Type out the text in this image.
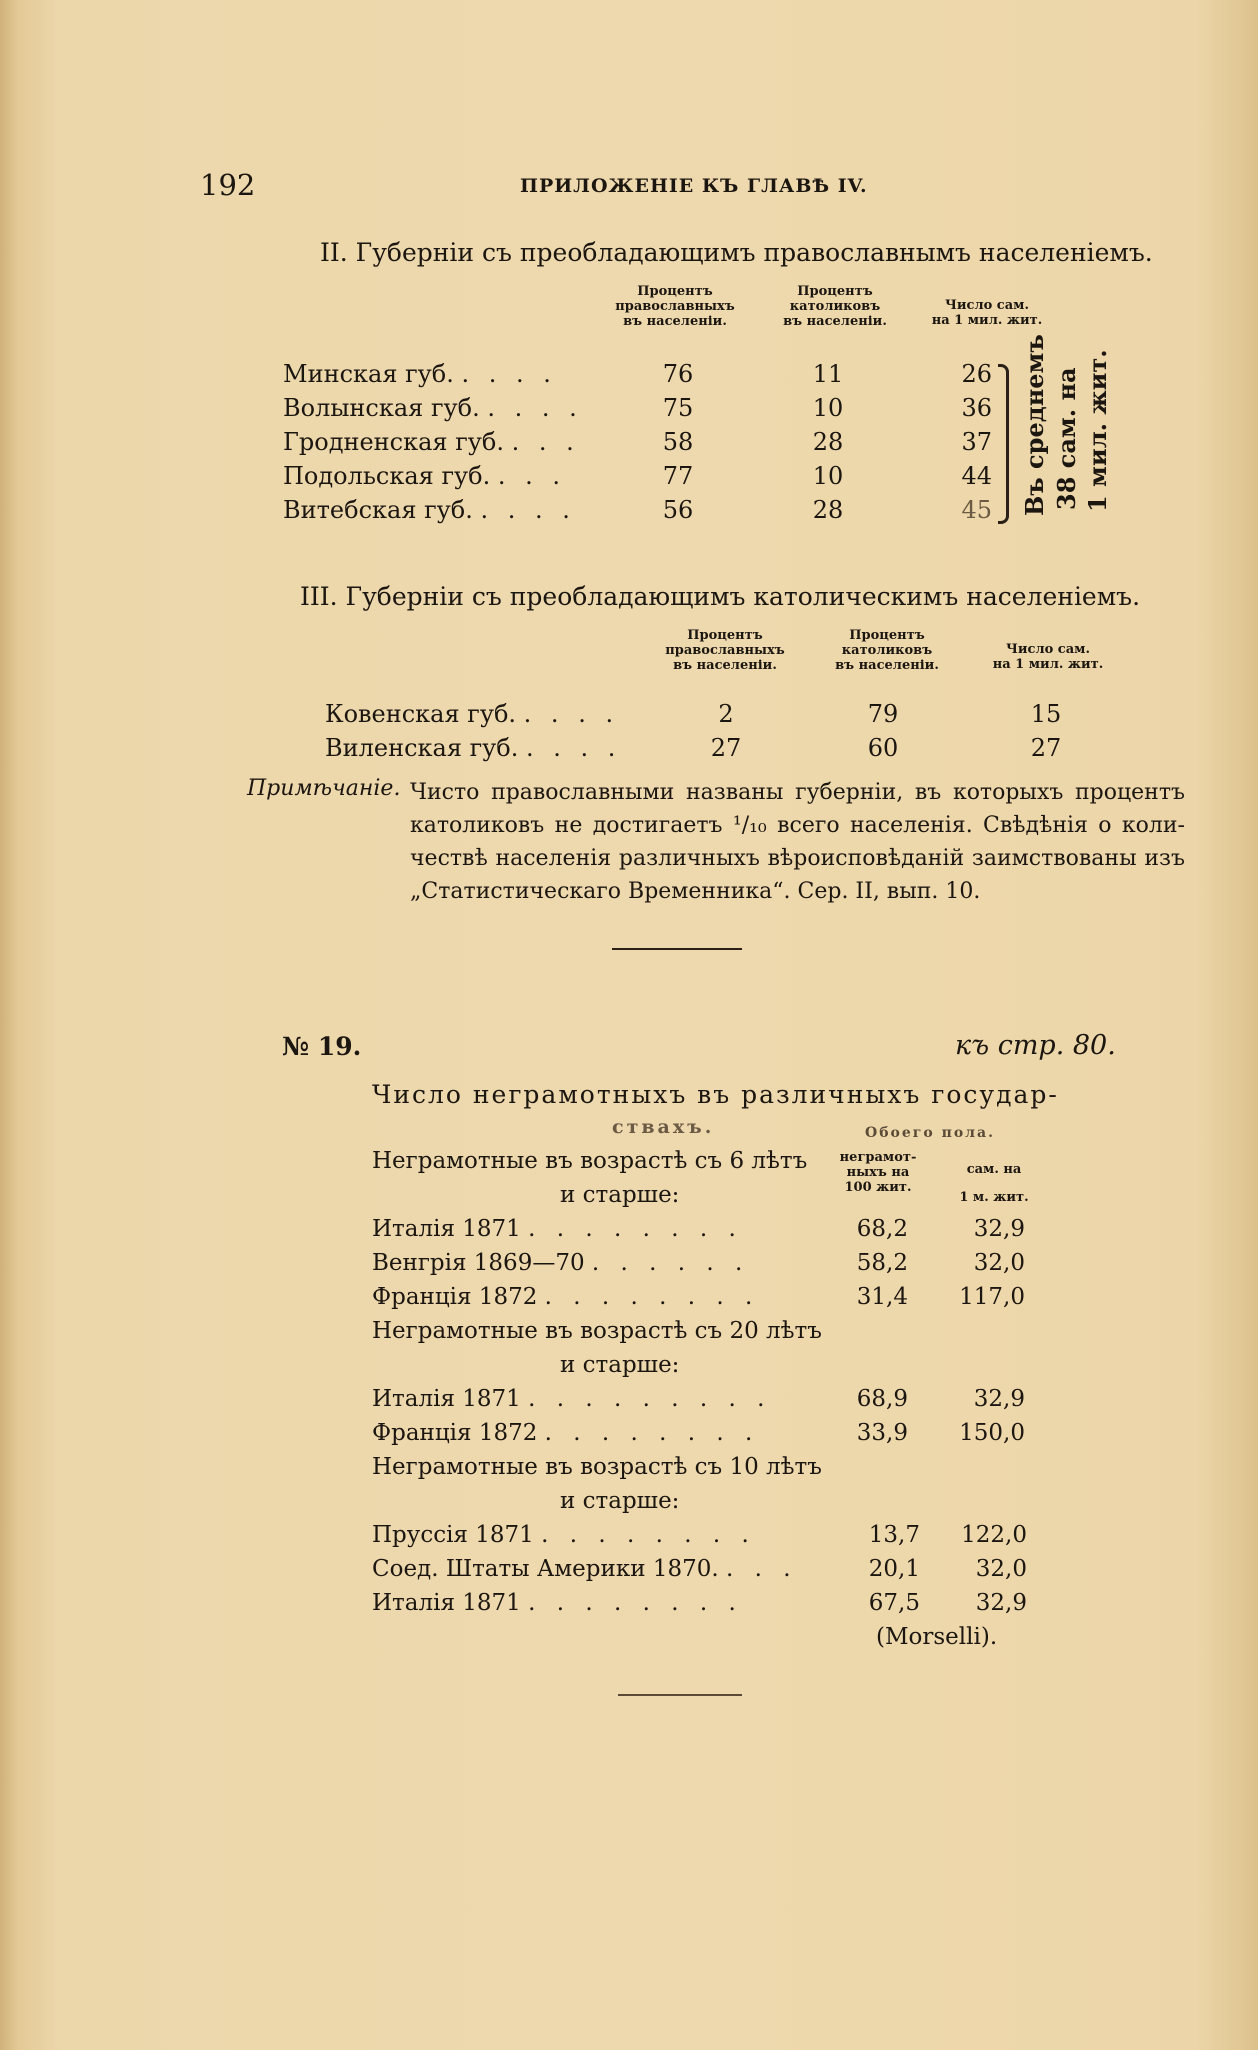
192	ПРИЛОЖЕНІЕ КЪ ГЛАВѢ IV.
II. Губерніи съ преобладающимъ православнымъ населеніемъ.
Процентъ
православныхъ
въ населеніи.
Процентъ
католиковъ
въ населеніи.
Число сам.
на 1 мил. жит.
Минская губ. . . . .	76	11	26
Волынская губ. . . . .	75	10	36
Гродненская губ. . . .	58	28	37
Подольская губ. . . .	77	10	44
Витебская губ. . . . .	56	28	45 Въ среднемъ 38 сам. на 1 мил. жит.
III. Губерніи съ преобладающимъ католическимъ населеніемъ.
Процентъ
православныхъ
въ населеніи.
Процентъ
католиковъ
въ населеніи.
Число сам.
на 1 мил. жит.
Ковенская губ. . . . .	2	79	15
Виленская губ. . . . .	27	60	27
Примѣчаніе. Чисто православными названы губерніи, въ которыхъ процентъ
католиковъ не достигаетъ ¹/₁₀ всего населенія. Свѣдѣнія о коли-
чествѣ населенія различныхъ вѣроисповѣданій заимствованы изъ
„Статистическаго Временника“. Сер. II, вып. 10.
№ 19.	къ стр. 80.
Число неграмотныхъ въ различныхъ государ-
ствахъ.	Обоего пола.
неграмот-
ныхъ на
100 жит.
сам. на
1 м. жит.
Неграмотные въ возрастѣ съ 6 лѣтъ
и старше:
Италія 1871 . . . . . . . .	68,2	32,9
Венгрія 1869—70 . . . . . .	58,2	32,0
Франція 1872 . . . . . . . .	31,4	117,0
Неграмотные въ возрастѣ съ 20 лѣтъ
и старше:
Италія 1871 . . . . . . . . .	68,9	32,9
Франція 1872 . . . . . . . .	33,9	150,0
Неграмотные въ возрастѣ съ 10 лѣтъ
и старше:
Пруссія 1871 . . . . . . . .	13,7	122,0
Соед. Штаты Америки 1870. . . .	20,1	32,0
Италія 1871 . . . . . . . .	67,5	32,9
(Morselli).
